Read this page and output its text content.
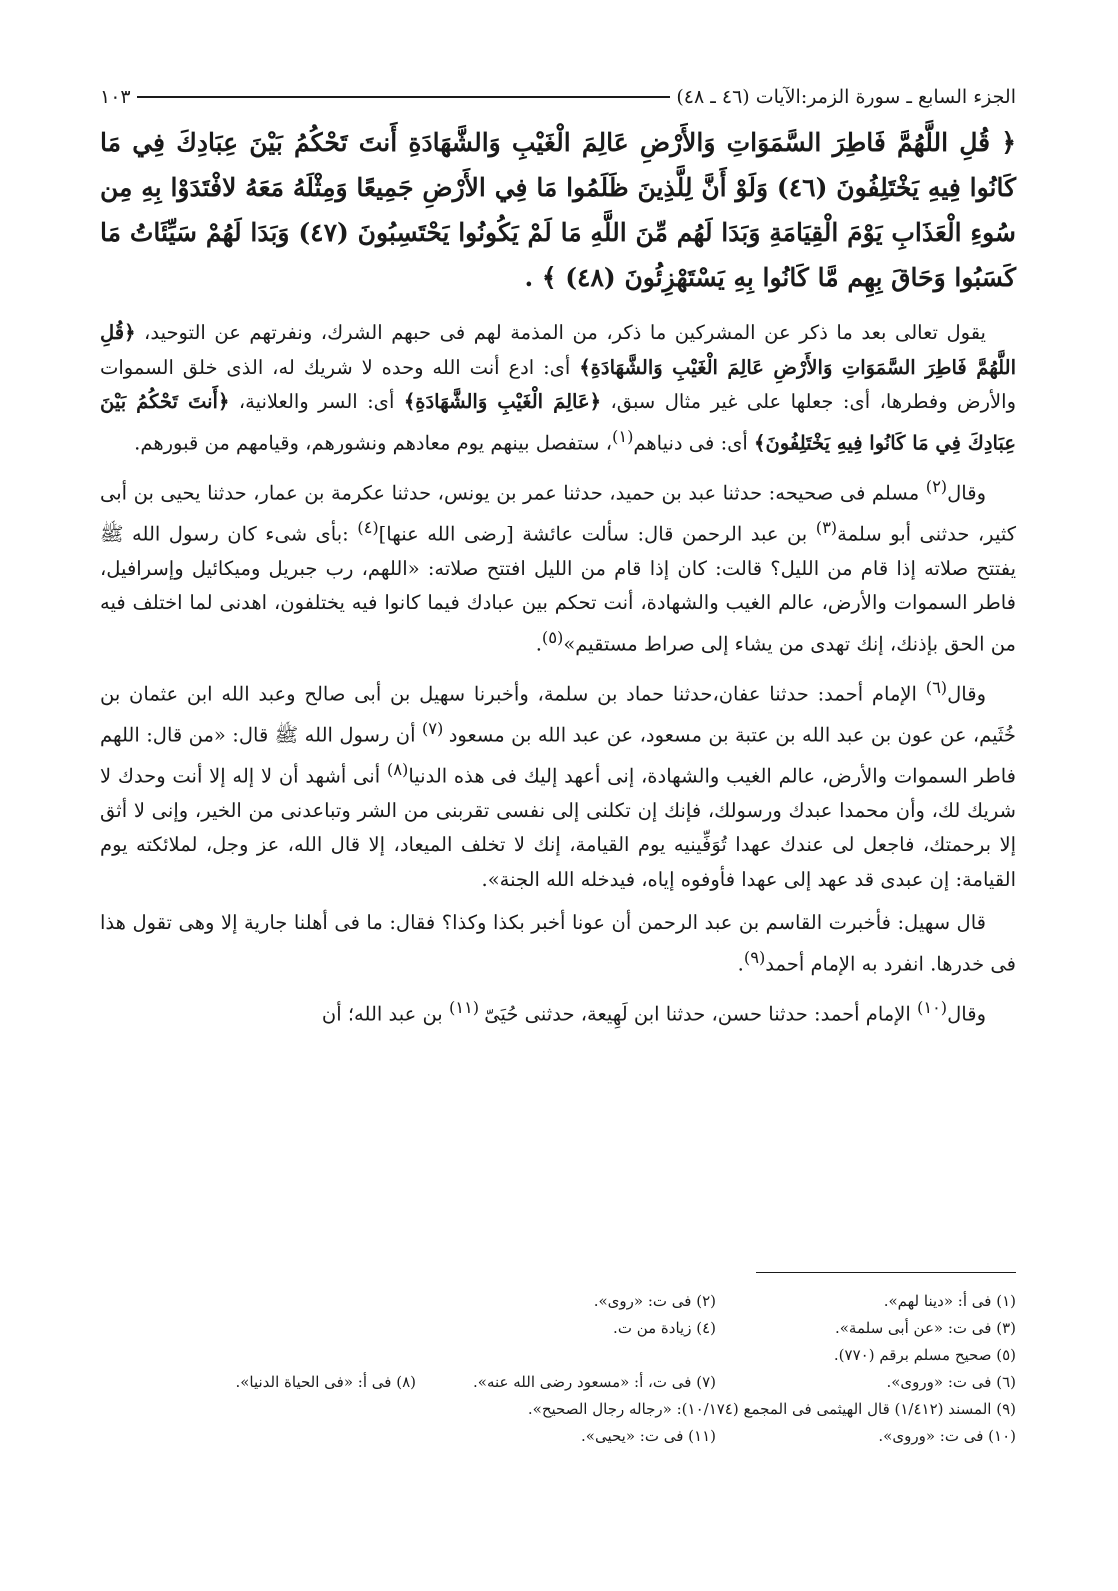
الجزء السابع ـ سورة الزمر:الآيات (٤٦ ـ ٤٨)
١٠٣
﴿ قُلِ اللَّهُمَّ فَاطِرَ السَّمَوَاتِ وَالأَرْضِ عَالِمَ الْغَيْبِ وَالشَّهَادَةِ أَنتَ تَحْكُمُ بَيْنَ عِبَادِكَ فِي مَا كَانُوا فِيهِ يَخْتَلِفُونَ (٤٦) وَلَوْ أَنَّ لِلَّذِينَ ظَلَمُوا مَا فِي الأَرْضِ جَمِيعًا وَمِثْلَهُ مَعَهُ لافْتَدَوْا بِهِ مِن سُوءِ الْعَذَابِ يَوْمَ الْقِيَامَةِ وَبَدَا لَهُم مِّنَ اللَّهِ مَا لَمْ يَكُونُوا يَحْتَسِبُونَ (٤٧) وَبَدَا لَهُمْ سَيِّئَاتُ مَا كَسَبُوا وَحَاقَ بِهِم مَّا كَانُوا بِهِ يَسْتَهْزِئُونَ (٤٨) ﴾ .

يقول تعالى بعد ما ذكر عن المشركين ما ذكر، من المذمة لهم فى حبهم الشرك، ونفرتهم عن التوحيد، ﴿قُلِ اللَّهُمَّ فَاطِرَ السَّمَوَاتِ وَالأَرْضِ عَالِمَ الْغَيْبِ وَالشَّهَادَةِ﴾ أى: ادع أنت الله وحده لا شريك له، الذى خلق السموات والأرض وفطرها، أى: جعلها على غير مثال سبق، ﴿عَالِمَ الْغَيْبِ وَالشَّهَادَةِ﴾ أى: السر والعلانية، ﴿أَنتَ تَحْكُمُ بَيْنَ عِبَادِكَ فِي مَا كَانُوا فِيهِ يَخْتَلِفُونَ﴾ أى: فى دنياهم$^{(١)}$، ستفصل بينهم يوم معادهم ونشورهم، وقيامهم من قبورهم.

وقال$^{(٢)}$ مسلم فى صحيحه: حدثنا عبد بن حميد، حدثنا عمر بن يونس، حدثنا عكرمة بن عمار، حدثنا يحيى بن أبى كثير، حدثنى أبو سلمة$^{(٣)}$ بن عبد الرحمن قال: سألت عائشة [رضى الله عنها]$^{(٤)}$ :بأى شىء كان رسول الله ﷺ يفتتح صلاته إذا قام من الليل؟ قالت: كان إذا قام من الليل افتتح صلاته: «اللهم، رب جبريل وميكائيل وإسرافيل، فاطر السموات والأرض، عالم الغيب والشهادة، أنت تحكم بين عبادك فيما كانوا فيه يختلفون، اهدنى لما اختلف فيه من الحق بإذنك، إنك تهدى من يشاء إلى صراط مستقيم»$^{(٥)}$.

وقال$^{(٦)}$ الإمام أحمد: حدثنا عفان،حدثنا حماد بن سلمة، وأخبرنا سهيل بن أبى صالح وعبد الله ابن عثمان بن خُثَيم، عن عون بن عبد الله بن عتبة بن مسعود، عن عبد الله بن مسعود $^{(٧)}$ أن رسول الله ﷺ قال: «من قال: اللهم فاطر السموات والأرض، عالم الغيب والشهادة، إنى أعهد إليك فى هذه الدنيا$^{(٨)}$ أنى أشهد أن لا إله إلا أنت وحدك لا شريك لك، وأن محمدا عبدك ورسولك، فإنك إن تكلنى إلى نفسى تقربنى من الشر وتباعدنى من الخير، وإنى لا أثق إلا برحمتك، فاجعل لى عندك عهدا تُوَفِّينيه يوم القيامة، إنك لا تخلف الميعاد، إلا قال الله، عز وجل، لملائكته يوم القيامة: إن عبدى قد عهد إلى عهدا فأوفوه إياه، فيدخله الله الجنة».

قال سهيل: فأخبرت القاسم بن عبد الرحمن أن عونا أخبر بكذا وكذا؟ فقال: ما فى أهلنا جارية إلا وهى تقول هذا فى خدرها. انفرد به الإمام أحمد$^{(٩)}$.

وقال$^{(١٠)}$ الإمام أحمد: حدثنا حسن، حدثنا ابن لَهِيعة، حدثنى حُيَىّ $^{(١١)}$ بن عبد الله؛ أن

(١) فى أ: «دينا لهم».
(٢) فى ت: «روى».
(٣) فى ت: «عن أبى سلمة».
(٤) زيادة من ت.
(٥) صحيح مسلم برقم (٧٧٠).
(٦) فى ت: «وروى».
(٧) فى ت، أ: «مسعود رضى الله عنه».
(٨) فى أ: «فى الحياة الدنيا».
(٩) المسند (١/٤١٢) قال الهيثمى فى المجمع (١٠/١٧٤): «رجاله رجال الصحيح».
(١٠) فى ت: «وروى».
(١١) فى ت: «يحيى».
